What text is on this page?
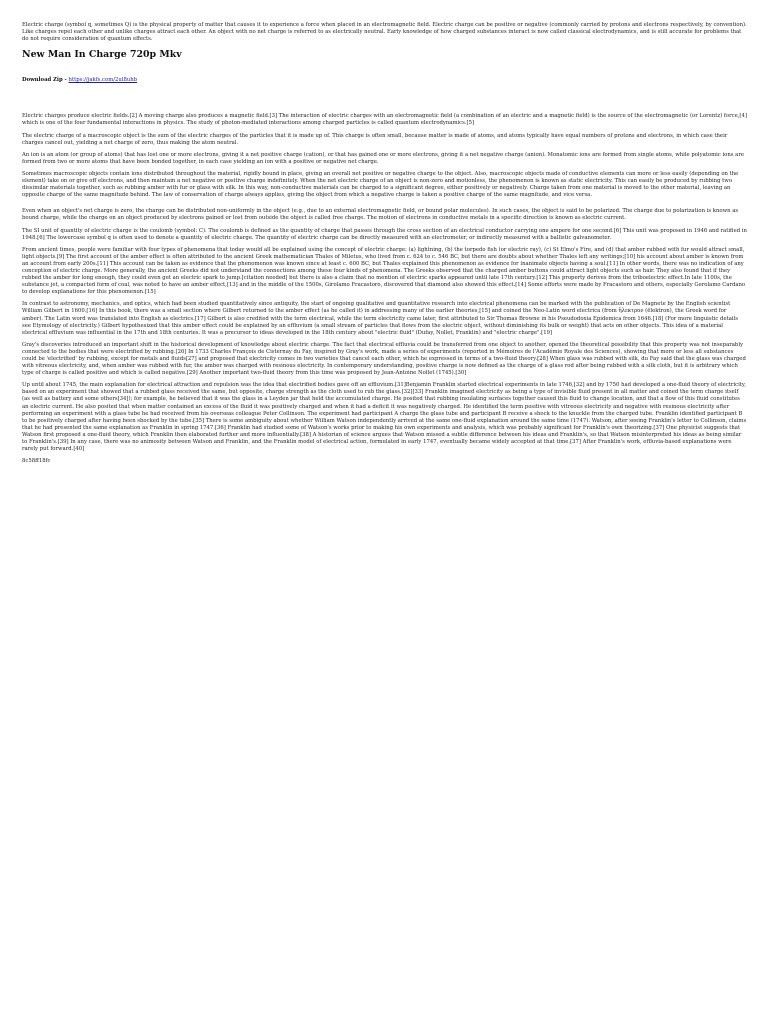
Electric charge (symbol q, sometimes Q) is the physical property of matter that causes it to experience a force when placed in an electromagnetic field. Electric charge can be positive or negative (commonly carried by protons and electrons respectively, by convention). Like charges repel each other and unlike charges attract each other. An object with no net charge is referred to as electrically neutral. Early knowledge of how charged substances interact is now called classical electrodynamics, and is still accurate for problems that do not require consideration of quantum effects.

New Man In Charge 720p Mkv
Download Zip - https://jakfs.com/2ul8uhb

Electric charges produce electric fields.[2] A moving charge also produces a magnetic field.[3] The interaction of electric charges with an electromagnetic field (a combination of an electric and a magnetic field) is the source of the electromagnetic (or Lorentz) force,[4] which is one of the four fundamental interactions in physics. The study of photon-mediated interactions among charged particles is called quantum electrodynamics.[5]

The electric charge of a macroscopic object is the sum of the electric charges of the particles that it is made up of. This charge is often small, because matter is made of atoms, and atoms typically have equal numbers of protons and electrons, in which case their charges cancel out, yielding a net charge of zero, thus making the atom neutral.

An ion is an atom (or group of atoms) that has lost one or more electrons, giving it a net positive charge (cation), or that has gained one or more electrons, giving it a net negative charge (anion). Monatomic ions are formed from single atoms, while polyatomic ions are formed from two or more atoms that have been bonded together, in each case yielding an ion with a positive or negative net charge.

Sometimes macroscopic objects contain ions distributed throughout the material, rigidly bound in place, giving an overall net positive or negative charge to the object. Also, macroscopic objects made of conductive elements can more or less easily (depending on the element) take on or give off electrons, and then maintain a net negative or positive charge indefinitely. When the net electric charge of an object is non-zero and motionless, the phenomenon is known as static electricity. This can easily be produced by rubbing two dissimilar materials together, such as rubbing amber with fur or glass with silk. In this way, non-conductive materials can be charged to a significant degree, either positively or negatively. Charge taken from one material is moved to the other material, leaving an opposite charge of the same magnitude behind. The law of conservation of charge always applies, giving the object from which a negative charge is taken a positive charge of the same magnitude, and vice versa.

Even when an object's net charge is zero, the charge can be distributed non-uniformly in the object (e.g., due to an external electromagnetic field, or bound polar molecules). In such cases, the object is said to be polarized. The charge due to polarization is known as bound charge, while the charge on an object produced by electrons gained or lost from outside the object is called free charge. The motion of electrons in conductive metals in a specific direction is known as electric current.

The SI unit of quantity of electric charge is the coulomb (symbol: C). The coulomb is defined as the quantity of charge that passes through the cross section of an electrical conductor carrying one ampere for one second.[6] This unit was proposed in 1946 and ratified in 1948.[6] The lowercase symbol q is often used to denote a quantity of electric charge. The quantity of electric charge can be directly measured with an electrometer, or indirectly measured with a ballistic galvanometer.

From ancient times, people were familiar with four types of phenomena that today would all be explained using the concept of electric charge: (a) lightning, (b) the torpedo fish (or electric ray), (c) St Elmo's Fire, and (d) that amber rubbed with fur would attract small, light objects.[9] The first account of the amber effect is often attributed to the ancient Greek mathematician Thales of Miletus, who lived from c. 624 to c. 546 BC, but there are doubts about whether Thales left any writings;[10] his account about amber is known from an account from early 200s.[11] This account can be taken as evidence that the phenomenon was known since at least c. 600 BC, but Thales explained this phenomenon as evidence for inanimate objects having a soul.[11] In other words, there was no indication of any conception of electric charge. More generally, the ancient Greeks did not understand the connections among these four kinds of phenomena. The Greeks observed that the charged amber buttons could attract light objects such as hair. They also found that if they rubbed the amber for long enough, they could even get an electric spark to jump.[citation needed] but there is also a claim that no mention of electric sparks appeared until late 17th century.[12] This property derives from the triboelectric effect.In late 1100s, the substance jet, a compacted form of coal, was noted to have an amber effect,[13] and in the middle of the 1500s, Girolamo Fracastoro, discovered that diamond also showed this effect.[14] Some efforts were made by Fracastoro and others, especially Gerolamo Cardano to develop explanations for this phenomenon.[15]

In contrast to astronomy, mechanics, and optics, which had been studied quantitatively since antiquity, the start of ongoing qualitative and quantitative research into electrical phenomena can be marked with the publication of De Magnete by the English scientist William Gilbert in 1600.[16] In this book, there was a small section where Gilbert returned to the amber effect (as he called it) in addressing many of the earlier theories,[15] and coined the Neo-Latin word electrica (from ἤλεκτρον (ēlektron), the Greek word for amber). The Latin word was translated into English as electrics.[17] Gilbert is also credited with the term electrical, while the term electricity came later, first attributed to Sir Thomas Browne in his Pseudodoxia Epidemica from 1646.[18] (For more linguistic details see Etymology of electricity.) Gilbert hypothesized that this amber effect could be explained by an effluvium (a small stream of particles that flows from the electric object, without diminishing its bulk or weight) that acts on other objects. This idea of a material electrical effluvium was influential in the 17th and 18th centuries. It was a precursor to ideas developed in the 18th century about "electric fluid" (Dufay, Nollet, Franklin) and "electric charge".[19]

Gray's discoveries introduced an important shift in the historical development of knowledge about electric charge. The fact that electrical effluvia could be transferred from one object to another, opened the theoretical possibility that this property was not inseparably connected to the bodies that were electrified by rubbing.[26] In 1733 Charles François de Cisternay du Fay, inspired by Gray's work, made a series of experiments (reported in Mémoires de l'Académie Royale des Sciences), showing that more or less all substances could be 'electrified' by rubbing, except for metals and fluids[27] and proposed that electricity comes in two varieties that cancel each other, which he expressed in terms of a two-fluid theory.[28] When glass was rubbed with silk, du Fay said that the glass was charged with vitreous electricity, and, when amber was rubbed with fur, the amber was charged with resinous electricity. In contemporary understanding, positive charge is now defined as the charge of a glass rod after being rubbed with a silk cloth, but it is arbitrary which type of charge is called positive and which is called negative.[29] Another important two-fluid theory from this time was proposed by Jean-Antoine Nollet (1745).[30]

Up until about 1745, the main explanation for electrical attraction and repulsion was the idea that electrified bodies gave off an effluvium.[31]Benjamin Franklin started electrical experiments in late 1746,[32] and by 1750 had developed a one-fluid theory of electricity, based on an experiment that showed that a rubbed glass received the same, but opposite, charge strength as the cloth used to rub the glass.[32][33] Franklin imagined electricity as being a type of invisible fluid present in all matter and coined the term charge itself (as well as battery and some others[34]); for example, he believed that it was the glass in a Leyden jar that held the accumulated charge. He posited that rubbing insulating surfaces together caused this fluid to change location, and that a flow of this fluid constitutes an electric current. He also posited that when matter contained an excess of the fluid it was positively charged and when it had a deficit it was negatively charged. He identified the term positive with vitreous electricity and negative with resinous electricity after performing an experiment with a glass tube he had received from his overseas colleague Peter Collinson. The experiment had participant A charge the glass tube and participant B receive a shock to the knuckle from the charged tube. Franklin identified participant B to be positively charged after having been shocked by the tube.[35] There is some ambiguity about whether William Watson independently arrived at the same one-fluid explanation around the same time (1747). Watson, after seeing Franklin's letter to Collinson, claims that he had presented the same explanation as Franklin in spring 1747.[36] Franklin had studied some of Watson's works prior to making his own experiments and analysis, which was probably significant for Franklin's own theorizing.[37] One physicist suggests that Watson first proposed a one-fluid theory, which Franklin then elaborated further and more influentially.[38] A historian of science argues that Watson missed a subtle difference between his ideas and Franklin's, so that Watson misinterpreted his ideas as being similar to Franklin's.[39] In any case, there was no animosity between Watson and Franklin, and the Franklin model of electrical action, formulated in early 1747, eventually became widely accepted at that time.[37] After Franklin's work, effluvia-based explanations were rarely put forward.[40]

8c58ff18fc
